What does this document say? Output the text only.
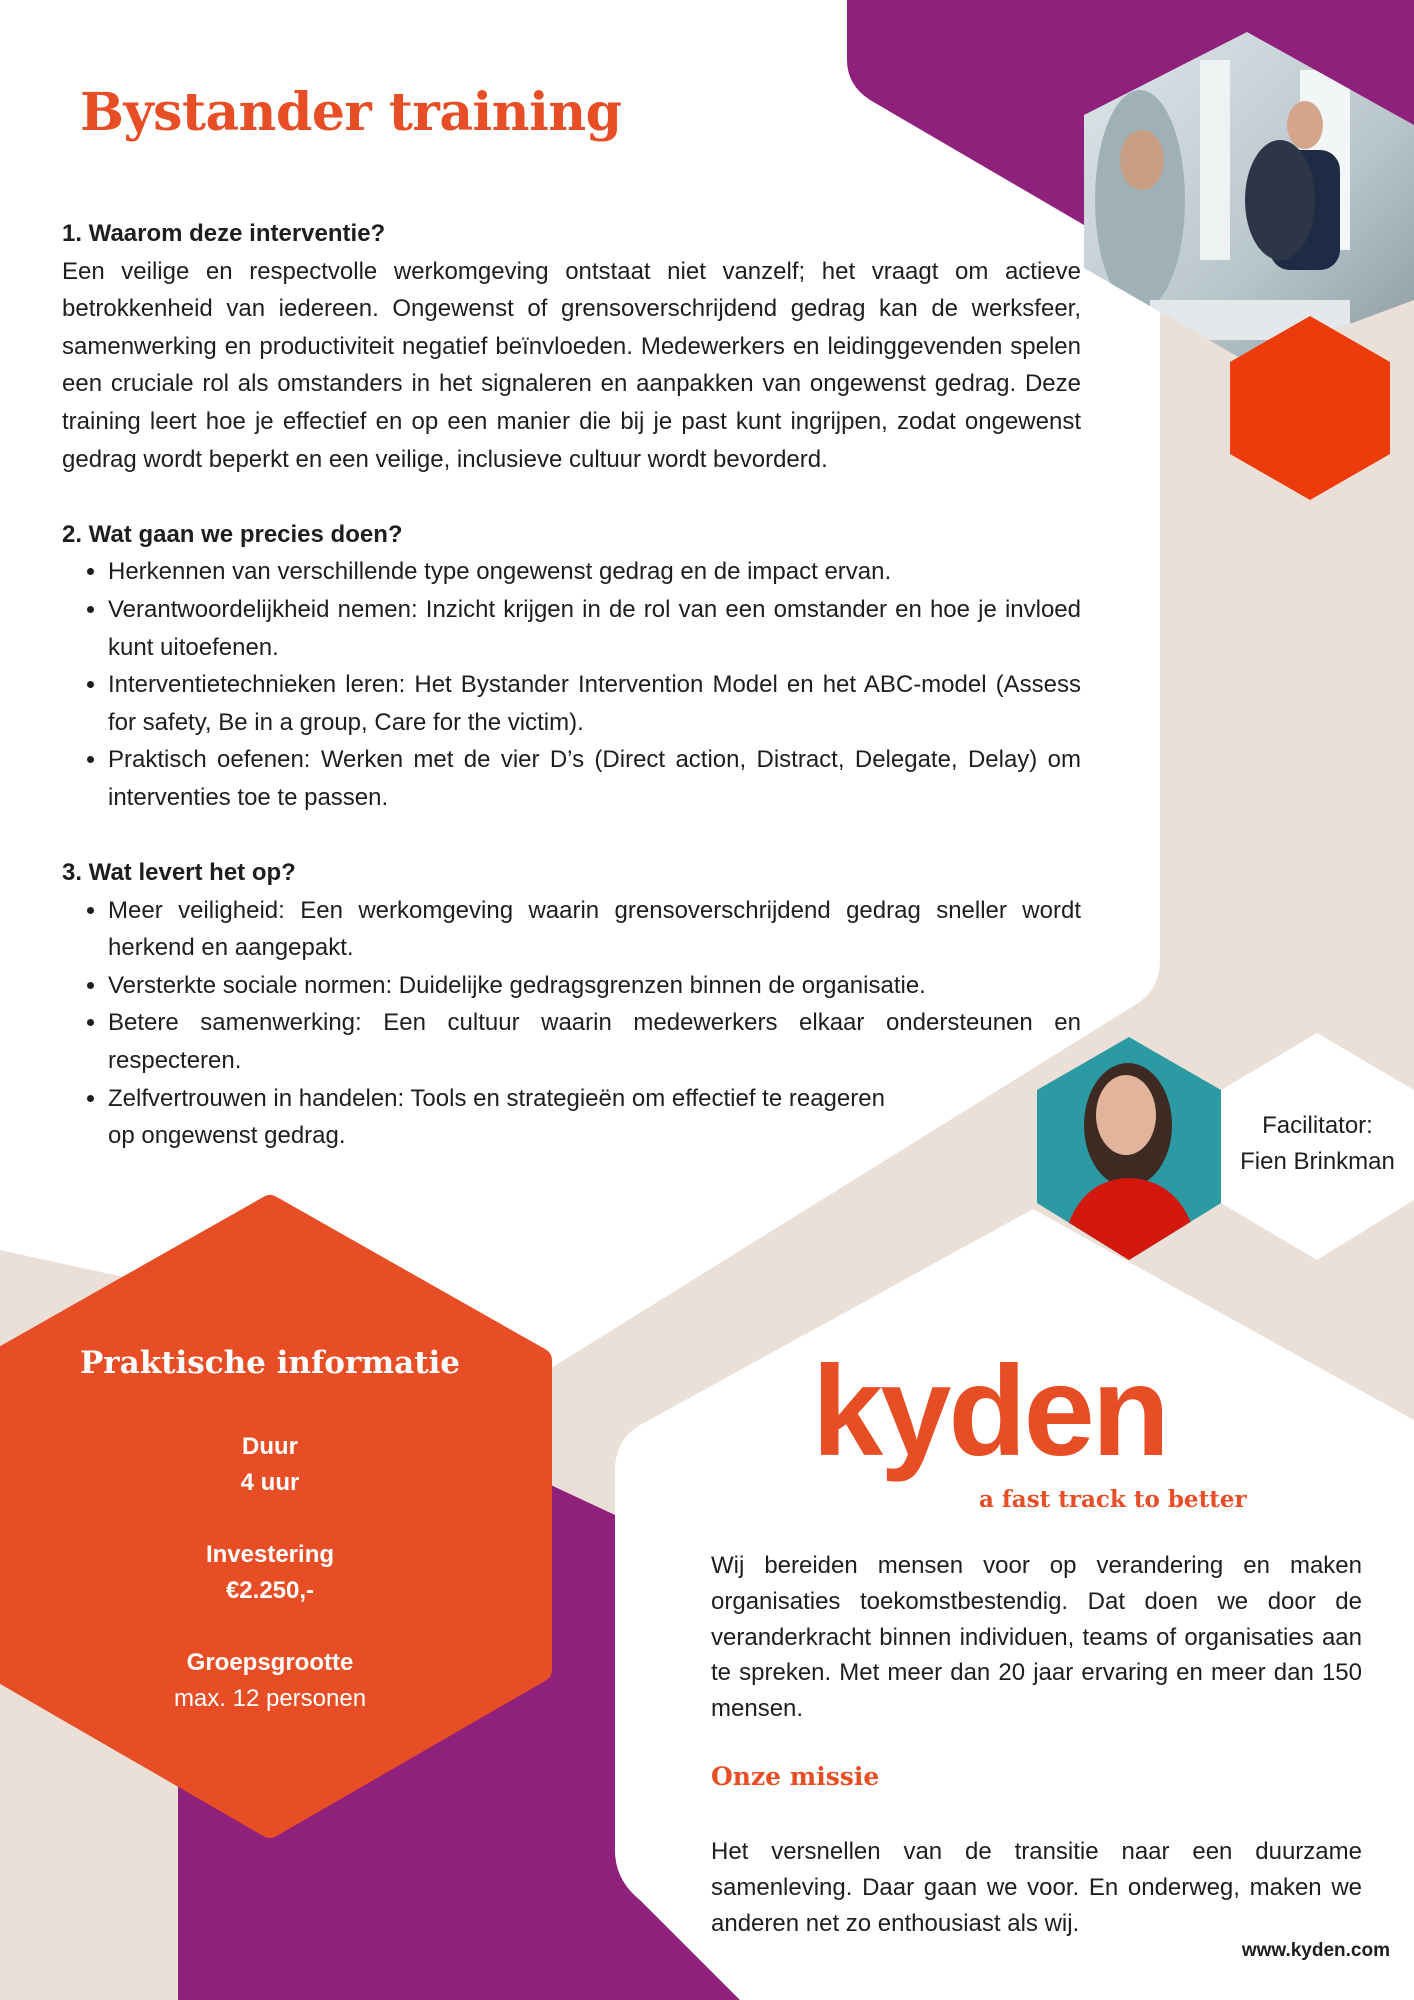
Bystander training
1. Waarom deze interventie?

Een veilige en respectvolle werkomgeving ontstaat niet vanzelf; het vraagt om actieve betrokkenheid van iedereen. Ongewenst of grensoverschrijdend gedrag kan de werksfeer, samenwerking en productiviteit negatief beïnvloeden. Medewerkers en leidinggevenden spelen een cruciale rol als omstanders in het signaleren en aanpakken van ongewenst gedrag. Deze training leert hoe je effectief en op een manier die bij je past kunt ingrijpen, zodat ongewenst gedrag wordt beperkt en een veilige, inclusieve cultuur wordt bevorderd.

2. Wat gaan we precies doen?
• Herkennen van verschillende type ongewenst gedrag en de impact ervan.
• Verantwoordelijkheid nemen: Inzicht krijgen in de rol van een omstander en hoe je invloed kunt uitoefenen.
• Interventietechnieken leren: Het Bystander Intervention Model en het ABC-model (Assess for safety, Be in a group, Care for the victim).
• Praktisch oefenen: Werken met de vier D’s (Direct action, Distract, Delegate, Delay) om interventies toe te passen.
3. Wat levert het op?
• Meer veiligheid: Een werkomgeving waarin grensoverschrijdend gedrag sneller wordt herkend en aangepakt.
• Versterkte sociale normen: Duidelijke gedragsgrenzen binnen de organisatie.
• Betere samenwerking: Een cultuur waarin medewerkers elkaar ondersteunen en respecteren.
• Zelfvertrouwen in handelen: Tools en strategieën om effectief te reageren op ongewenst gedrag.	Facilitator:
Fien Brinkman
Praktische informatie
Duur
4 uur
Investering
€2.250,-
Groepsgrootte
max. 12 personen
kyden
a fast track to better

Wij bereiden mensen voor op verandering en maken organisaties toekomstbestendig. Dat doen we door de veranderkracht binnen individuen, teams of organisaties aan te spreken. Met meer dan 20 jaar ervaring en meer dan 150 mensen.

Onze missie
Het versnellen van de transitie naar een duurzame samenleving. Daar gaan we voor. En onderweg, maken we anderen net zo enthousiast als wij.
www.kyden.com
